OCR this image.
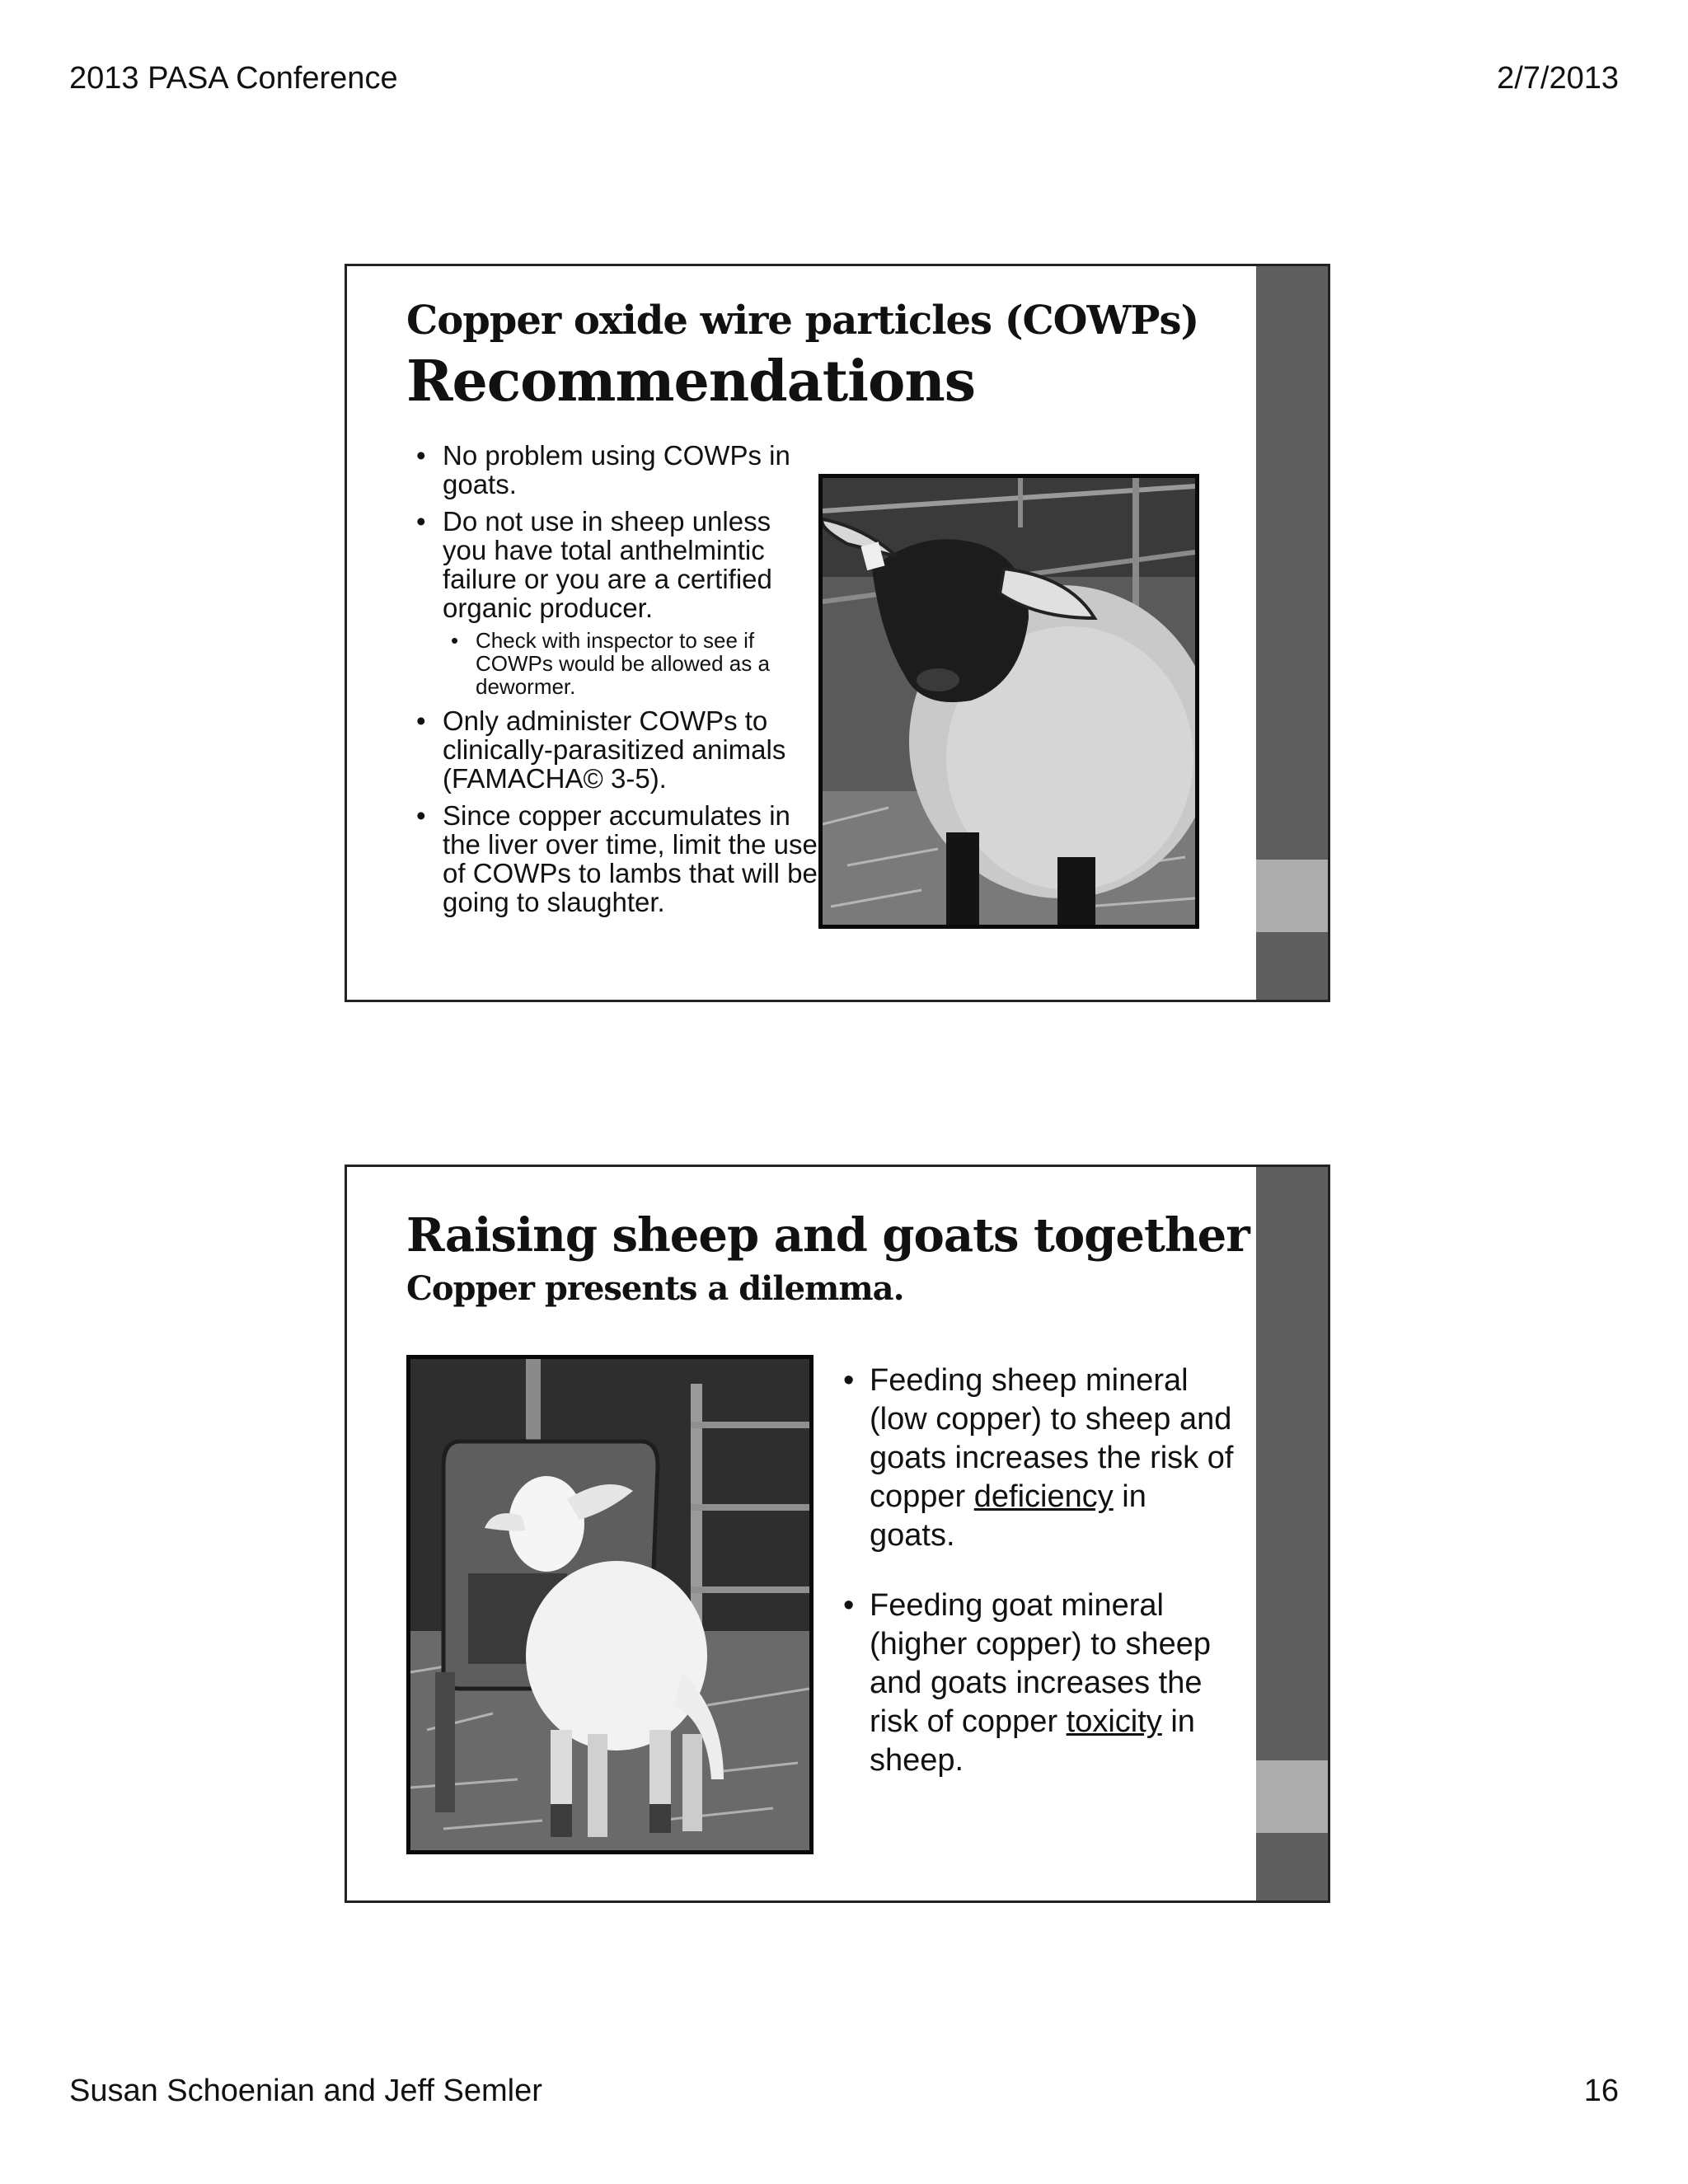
2013 PASA Conference	2/7/2013
Copper oxide wire particles (COWPs)
Recommendations
• No problem using COWPs in goats.
• Do not use in sheep unless you have total anthelmintic failure or you are a certified organic producer.
• Check with inspector to see if COWPs would be allowed as a dewormer.
• Only administer COWPs to clinically-parasitized animals (FAMACHA© 3-5).
• Since copper accumulates in the liver over time, limit the use of COWPs to lambs that will be going to slaughter.
Raising sheep and goats together
Copper presents a dilemma.
• Feeding sheep mineral (low copper) to sheep and goats increases the risk of copper deficiency in goats.
• Feeding goat mineral (higher copper) to sheep and goats increases the risk of copper toxicity in sheep.
Susan Schoenian and Jeff Semler	16
